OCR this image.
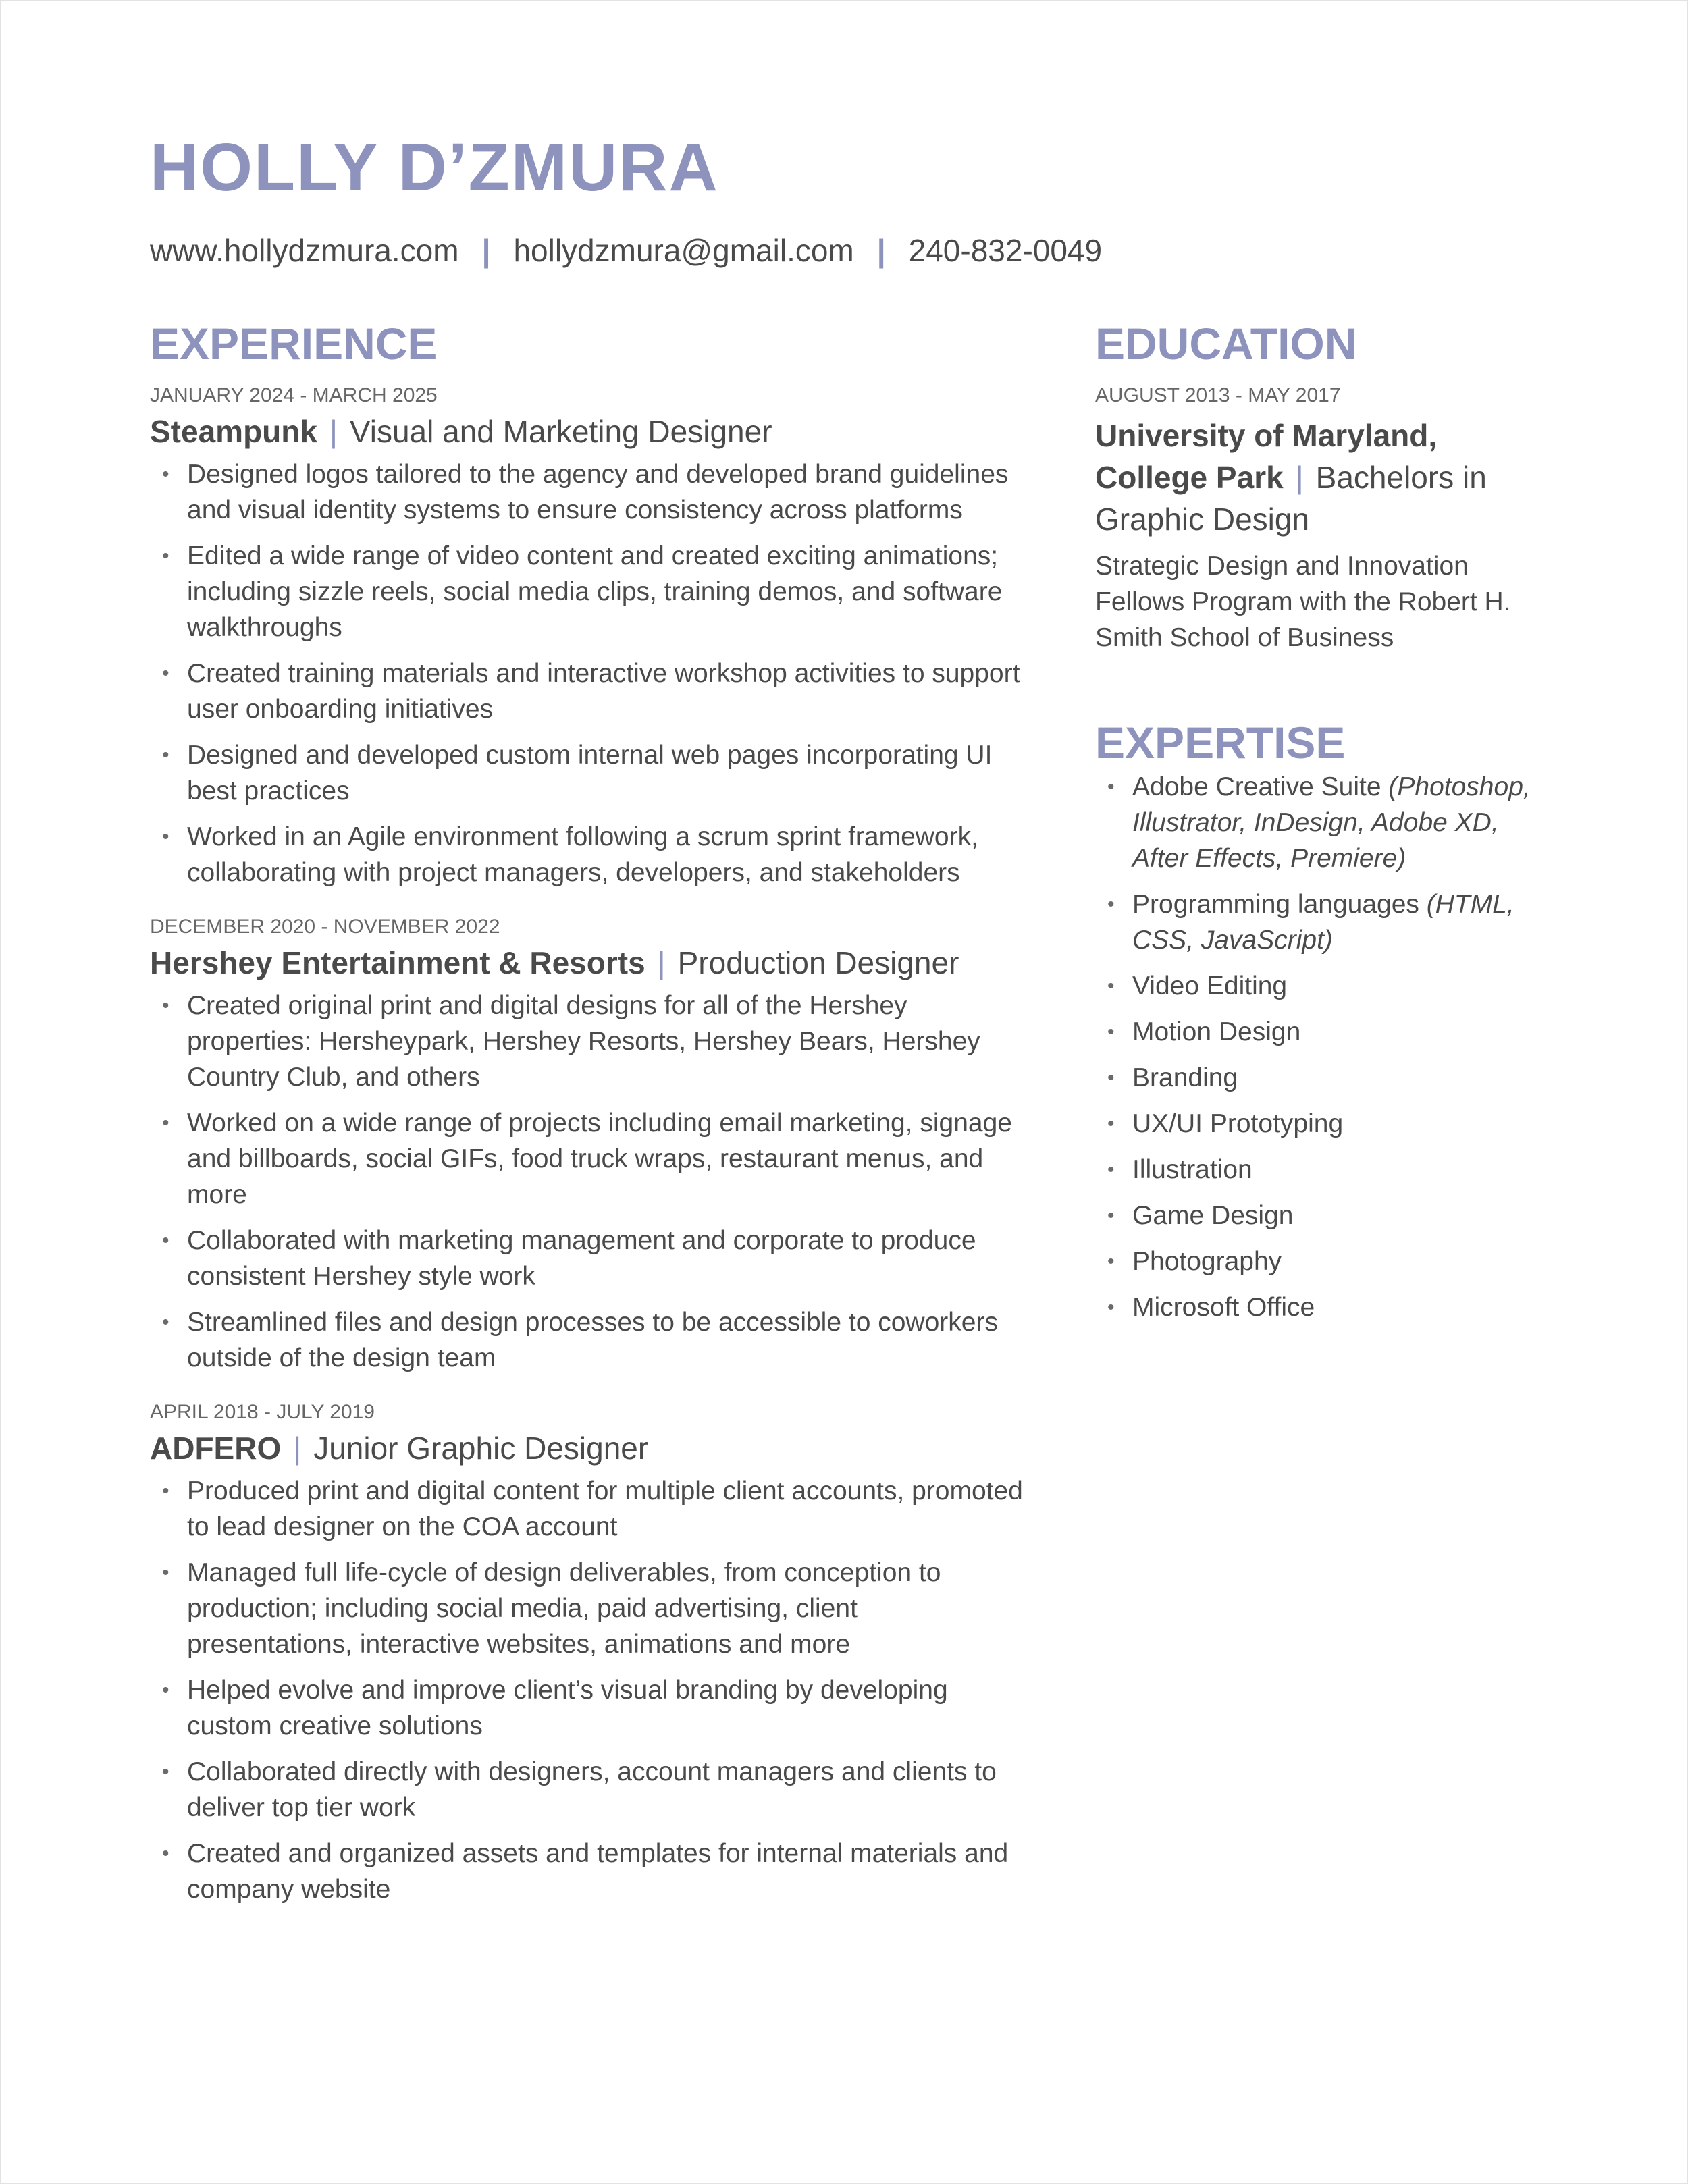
HOLLY D’ZMURA
www.hollydzmura.com | hollydzmura@gmail.com | 240-832-0049
EXPERIENCE

JANUARY 2024 - MARCH 2025

Steampunk | Visual and Marketing Designer

• Designed logos tailored to the agency and developed brand guidelines and visual identity systems to ensure consistency across platforms
• Edited a wide range of video content and created exciting animations; including sizzle reels, social media clips, training demos, and software walkthroughs
• Created training materials and interactive workshop activities to support user onboarding initiatives
• Designed and developed custom internal web pages incorporating UI best practices
• Worked in an Agile environment following a scrum sprint framework, collaborating with project managers, developers, and stakeholders

DECEMBER 2020 - NOVEMBER 2022

Hershey Entertainment & Resorts | Production Designer

• Created original print and digital designs for all of the Hershey properties: Hersheypark, Hershey Resorts, Hershey Bears, Hershey Country Club, and others
• Worked on a wide range of projects including email marketing, signage and billboards, social GIFs, food truck wraps, restaurant menus, and more
• Collaborated with marketing management and corporate to produce consistent Hershey style work
• Streamlined files and design processes to be accessible to coworkers outside of the design team

APRIL 2018 - JULY 2019

ADFERO | Junior Graphic Designer

• Produced print and digital content for multiple client accounts, promoted to lead designer on the COA account
• Managed full life-cycle of design deliverables, from conception to production; including social media, paid advertising, client presentations, interactive websites, animations and more
• Helped evolve and improve client’s visual branding by developing custom creative solutions
• Collaborated directly with designers, account managers and clients to deliver top tier work
• Created and organized assets and templates for internal materials and company website
EDUCATION

AUGUST 2013 - MAY 2017

University of Maryland, College Park | Bachelors in Graphic Design

Strategic Design and Innovation Fellows Program with the Robert H. Smith School of Business

EXPERTISE
• Adobe Creative Suite (Photoshop, Illustrator, InDesign, Adobe XD, After Effects, Premiere)
• Programming languages (HTML, CSS, JavaScript)
• Video Editing
• Motion Design
• Branding
• UX/UI Prototyping
• Illustration
• Game Design
• Photography
• Microsoft Office
